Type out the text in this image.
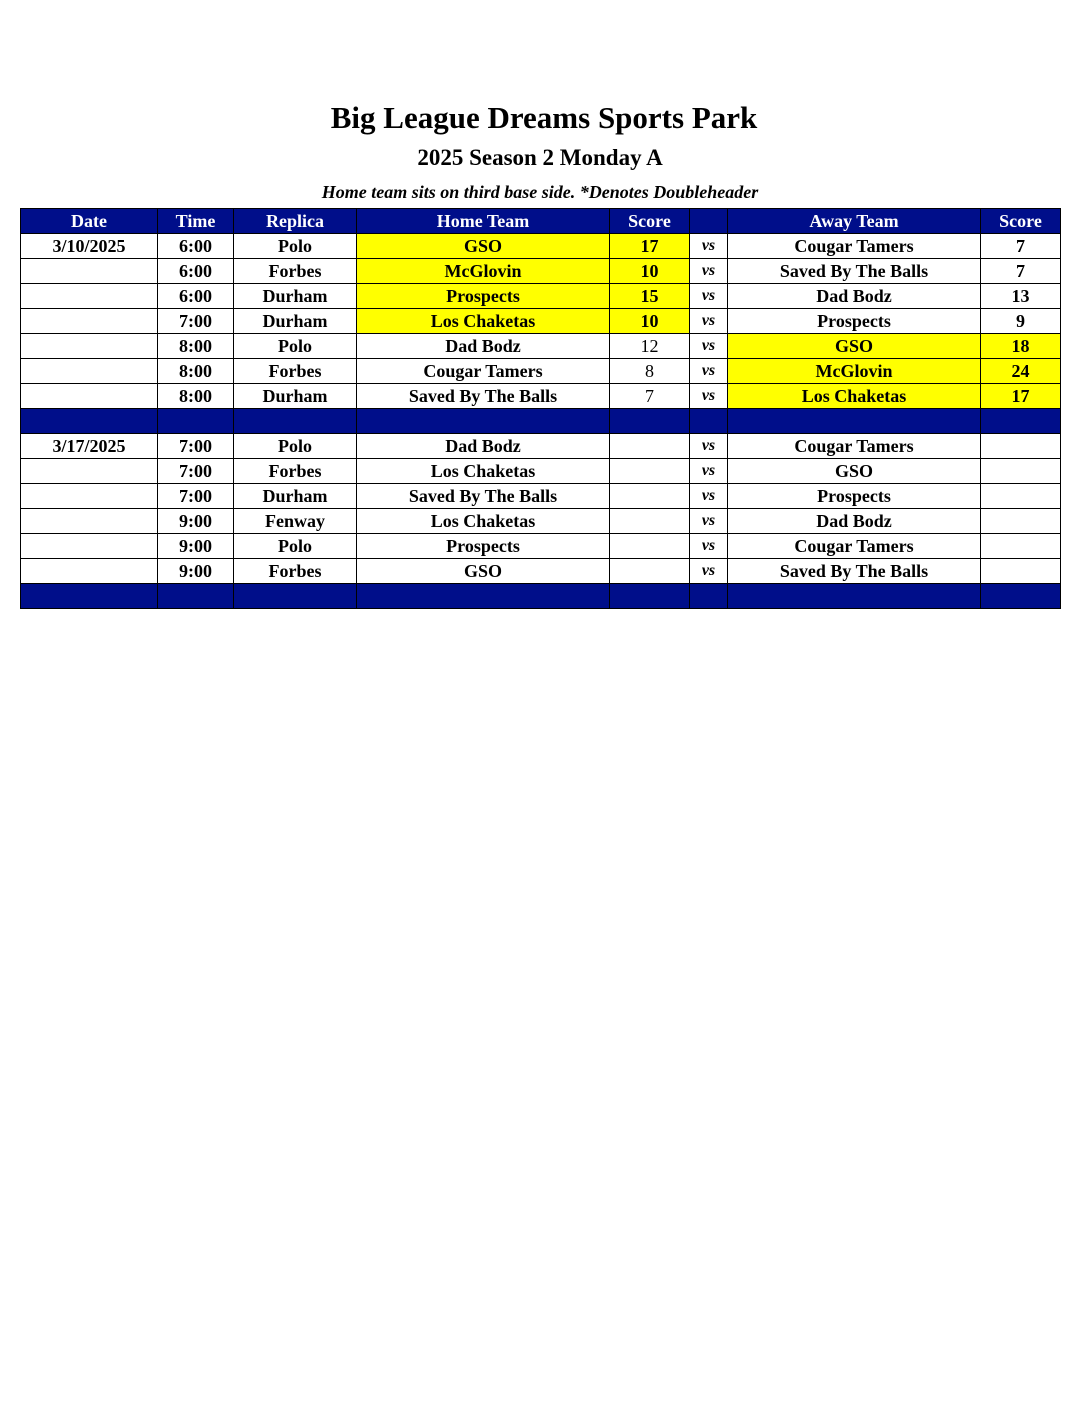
Big League Dreams Sports Park
2025 Season 2 Monday A

Home team sits on third base side. *Denotes Doubleheader

Date	Time	Replica	Home Team	Score		Away Team	Score
3/10/2025	6:00	Polo	GSO	17	vs	Cougar Tamers	7
	6:00	Forbes	McGlovin	10	vs	Saved By The Balls	7
	6:00	Durham	Prospects	15	vs	Dad Bodz	13
	7:00	Durham	Los Chaketas	10	vs	Prospects	9
	8:00	Polo	Dad Bodz	12	vs	GSO	18
	8:00	Forbes	Cougar Tamers	8	vs	McGlovin	24
	8:00	Durham	Saved By The Balls	7	vs	Los Chaketas	17

3/17/2025	7:00	Polo	Dad Bodz		vs	Cougar Tamers	
	7:00	Forbes	Los Chaketas		vs	GSO	
	7:00	Durham	Saved By The Balls		vs	Prospects	
	9:00	Fenway	Los Chaketas		vs	Dad Bodz	
	9:00	Polo	Prospects		vs	Cougar Tamers	
	9:00	Forbes	GSO		vs	Saved By The Balls	
